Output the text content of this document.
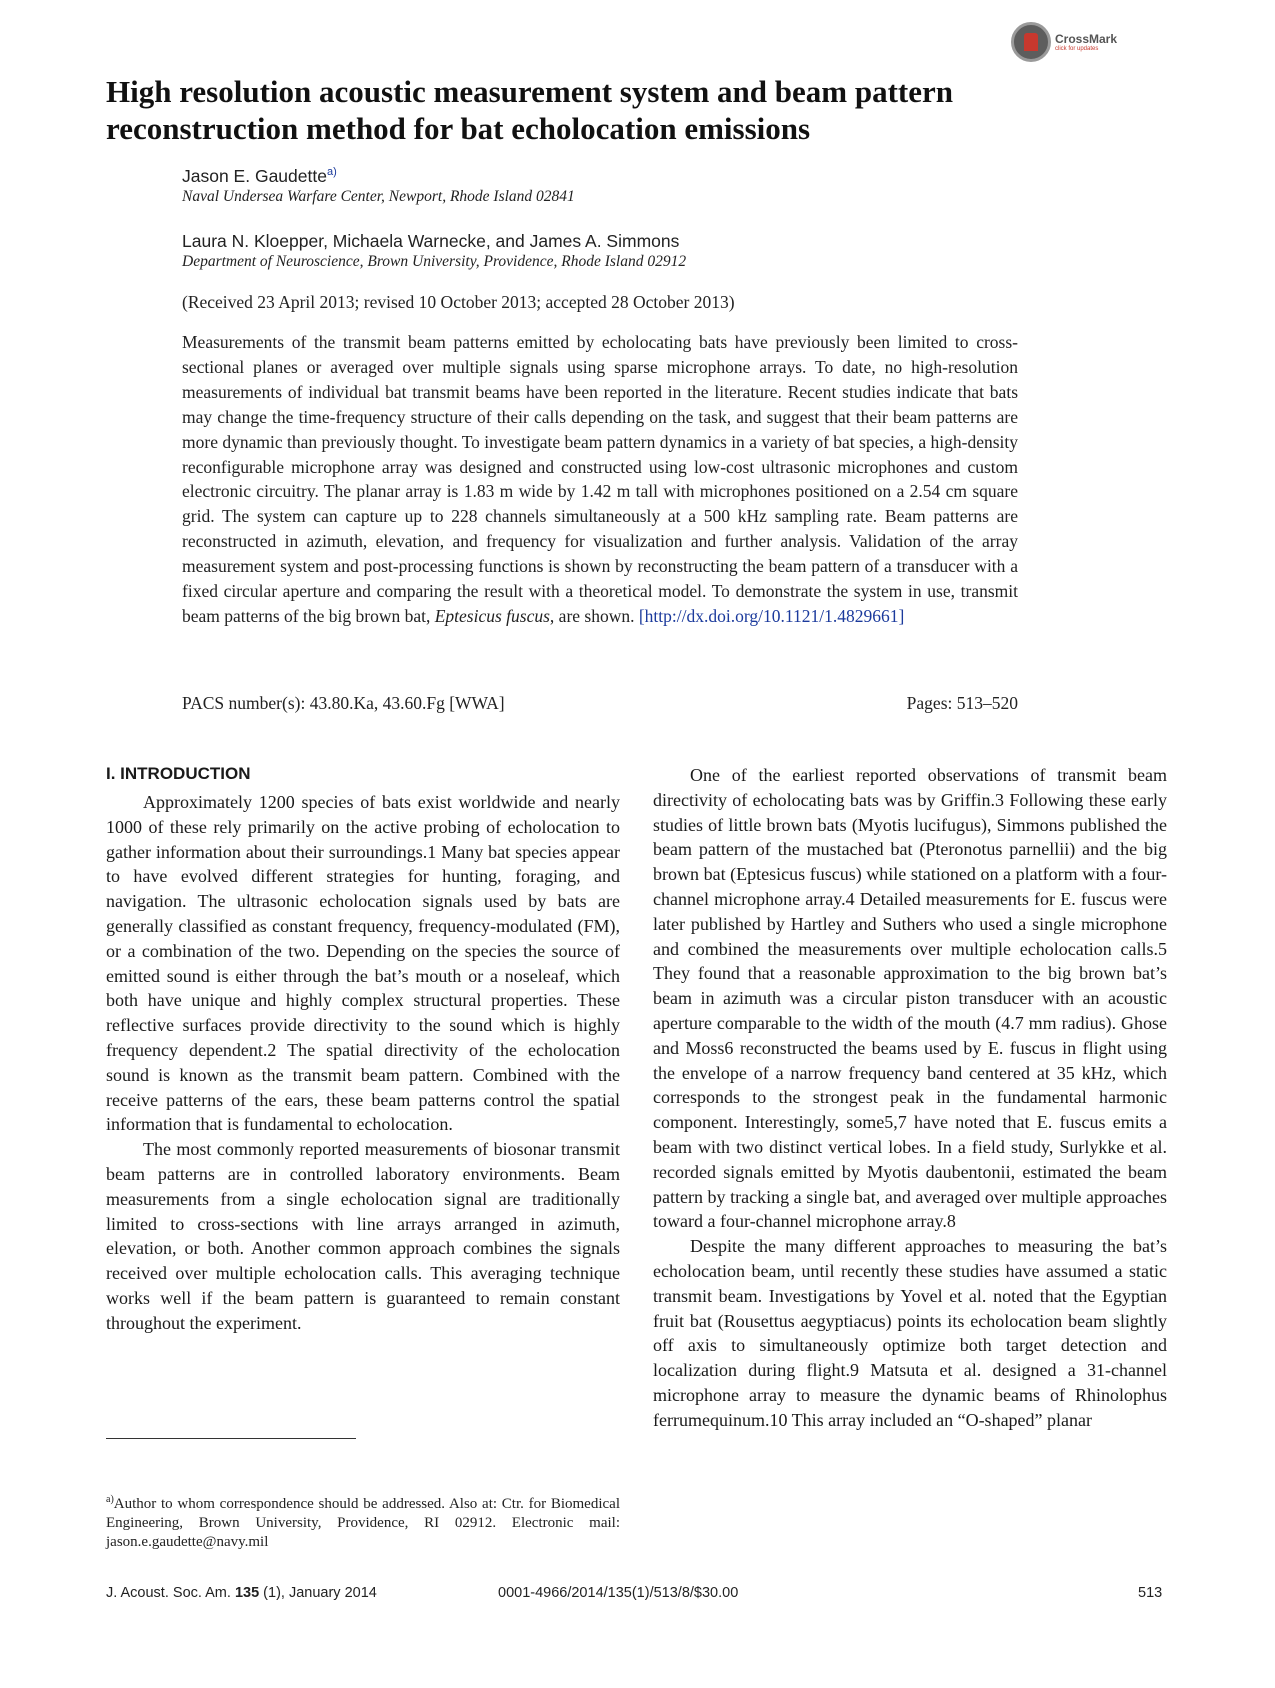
CrossMark
click for updates
High resolution acoustic measurement system and beam pattern
reconstruction method for bat echolocation emissions
Jason E. Gaudette$^{a)}$
Naval Undersea Warfare Center, Newport, Rhode Island 02841
Laura N. Kloepper, Michaela Warnecke, and James A. Simmons
Department of Neuroscience, Brown University, Providence, Rhode Island 02912
(Received 23 April 2013; revised 10 October 2013; accepted 28 October 2013)
Measurements of the transmit beam patterns emitted by echolocating bats have previously been limited to cross-sectional planes or averaged over multiple signals using sparse microphone arrays. To date, no high-resolution measurements of individual bat transmit beams have been reported in the literature. Recent studies indicate that bats may change the time-frequency structure of their calls depending on the task, and suggest that their beam patterns are more dynamic than previously thought. To investigate beam pattern dynamics in a variety of bat species, a high-density reconfigurable microphone array was designed and constructed using low-cost ultrasonic microphones and custom electronic circuitry. The planar array is 1.83 m wide by 1.42 m tall with microphones positioned on a 2.54 cm square grid. The system can capture up to 228 channels simultaneously at a 500 kHz sampling rate. Beam patterns are reconstructed in azimuth, elevation, and frequency for visualization and further analysis. Validation of the array measurement system and post-processing functions is shown by reconstructing the beam pattern of a transducer with a fixed circular aperture and comparing the result with a theoretical model. To demonstrate the system in use, transmit beam patterns of the big brown bat, Eptesicus fuscus, are shown. [http://dx.doi.org/10.1121/1.4829661]
PACS number(s): 43.80.Ka, 43.60.Fg [WWA]	Pages: 513–520
I. INTRODUCTION

Approximately 1200 species of bats exist worldwide and nearly 1000 of these rely primarily on the active probing of echolocation to gather information about their surroundings.1 Many bat species appear to have evolved different strategies for hunting, foraging, and navigation. The ultrasonic echolocation signals used by bats are generally classified as constant frequency, frequency-modulated (FM), or a combination of the two. Depending on the species the source of emitted sound is either through the bat’s mouth or a noseleaf, which both have unique and highly complex structural properties. These reflective surfaces provide directivity to the sound which is highly frequency dependent.2 The spatial directivity of the echolocation sound is known as the transmit beam pattern. Combined with the receive patterns of the ears, these beam patterns control the spatial information that is fundamental to echolocation.

The most commonly reported measurements of biosonar transmit beam patterns are in controlled laboratory environments. Beam measurements from a single echolocation signal are traditionally limited to cross-sections with line arrays arranged in azimuth, elevation, or both. Another common approach combines the signals received over multiple echolocation calls. This averaging technique works well if the beam pattern is guaranteed to remain constant throughout the experiment.

One of the earliest reported observations of transmit beam directivity of echolocating bats was by Griffin.3 Following these early studies of little brown bats (Myotis lucifugus), Simmons published the beam pattern of the mustached bat (Pteronotus parnellii) and the big brown bat (Eptesicus fuscus) while stationed on a platform with a four-channel microphone array.4 Detailed measurements for E. fuscus were later published by Hartley and Suthers who used a single microphone and combined the measurements over multiple echolocation calls.5 They found that a reasonable approximation to the big brown bat’s beam in azimuth was a circular piston transducer with an acoustic aperture comparable to the width of the mouth (4.7 mm radius). Ghose and Moss6 reconstructed the beams used by E. fuscus in flight using the envelope of a narrow frequency band centered at 35 kHz, which corresponds to the strongest peak in the fundamental harmonic component. Interestingly, some5,7 have noted that E. fuscus emits a beam with two distinct vertical lobes. In a field study, Surlykke et al. recorded signals emitted by Myotis daubentonii, estimated the beam pattern by tracking a single bat, and averaged over multiple approaches toward a four-channel microphone array.8

Despite the many different approaches to measuring the bat’s echolocation beam, until recently these studies have assumed a static transmit beam. Investigations by Yovel et al. noted that the Egyptian fruit bat (Rousettus aegyptiacus) points its echolocation beam slightly off axis to simultaneously optimize both target detection and localization during flight.9 Matsuta et al. designed a 31-channel microphone array to measure the dynamic beams of Rhinolophus ferrumequinum.10 This array included an “O-shaped” planar

$^{a)}$Author to whom correspondence should be addressed. Also at: Ctr. for Biomedical Engineering, Brown University, Providence, RI 02912. Electronic mail: jason.e.gaudette@navy.mil
J. Acoust. Soc. Am. 135 (1), January 2014	0001-4966/2014/135(1)/513/8/$30.00	513
